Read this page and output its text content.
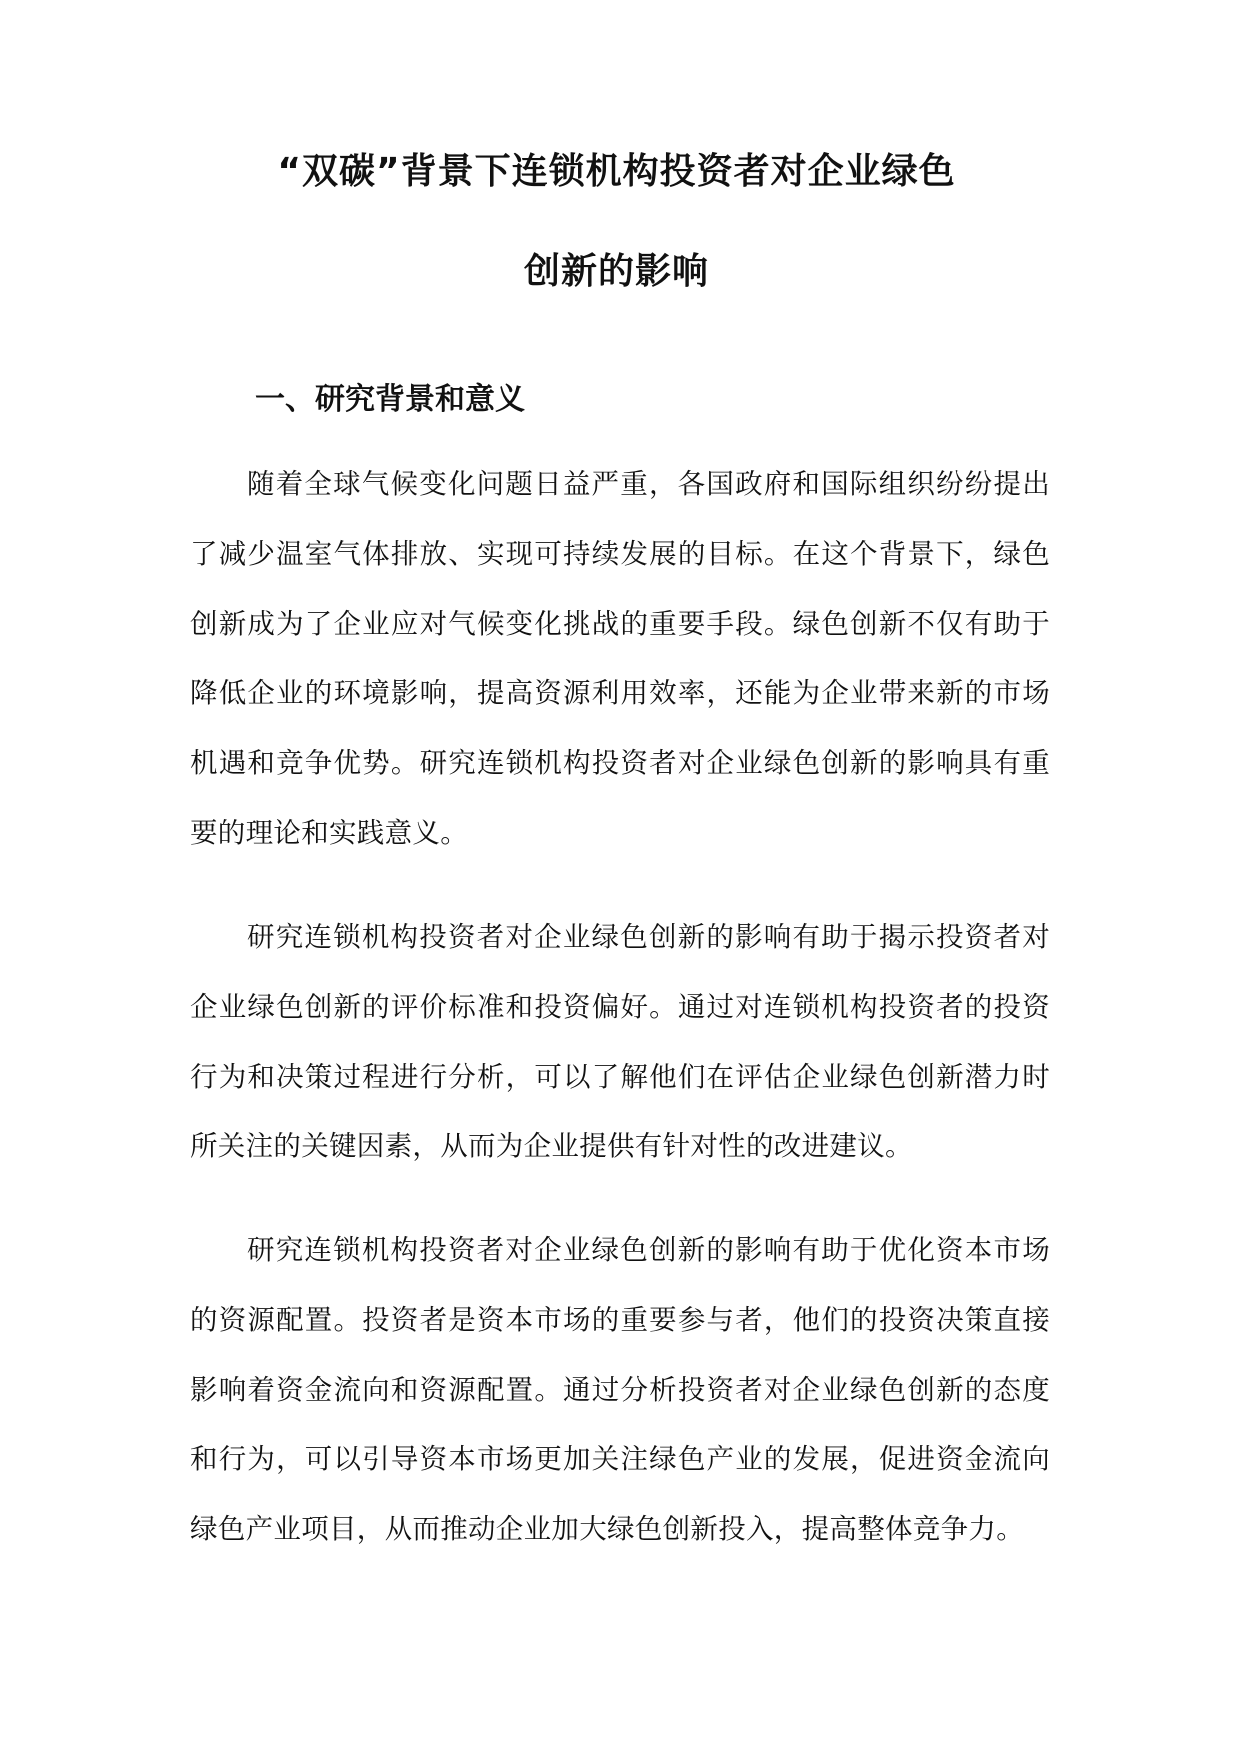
“双碳”背景下连锁机构投资者对企业绿色
创新的影响
一、研究背景和意义

随着全球气候变化问题日益严重，各国政府和国际组织纷纷提出了减少温室气体排放、实现可持续发展的目标。在这个背景下，绿色创新成为了企业应对气候变化挑战的重要手段。绿色创新不仅有助于降低企业的环境影响，提高资源利用效率，还能为企业带来新的市场机遇和竞争优势。研究连锁机构投资者对企业绿色创新的影响具有重要的理论和实践意义。

研究连锁机构投资者对企业绿色创新的影响有助于揭示投资者对企业绿色创新的评价标准和投资偏好。通过对连锁机构投资者的投资行为和决策过程进行分析，可以了解他们在评估企业绿色创新潜力时所关注的关键因素，从而为企业提供有针对性的改进建议。

研究连锁机构投资者对企业绿色创新的影响有助于优化资本市场的资源配置。投资者是资本市场的重要参与者，他们的投资决策直接影响着资金流向和资源配置。通过分析投资者对企业绿色创新的态度和行为，可以引导资本市场更加关注绿色产业的发展，促进资金流向绿色产业项目，从而推动企业加大绿色创新投入，提高整体竞争力。
